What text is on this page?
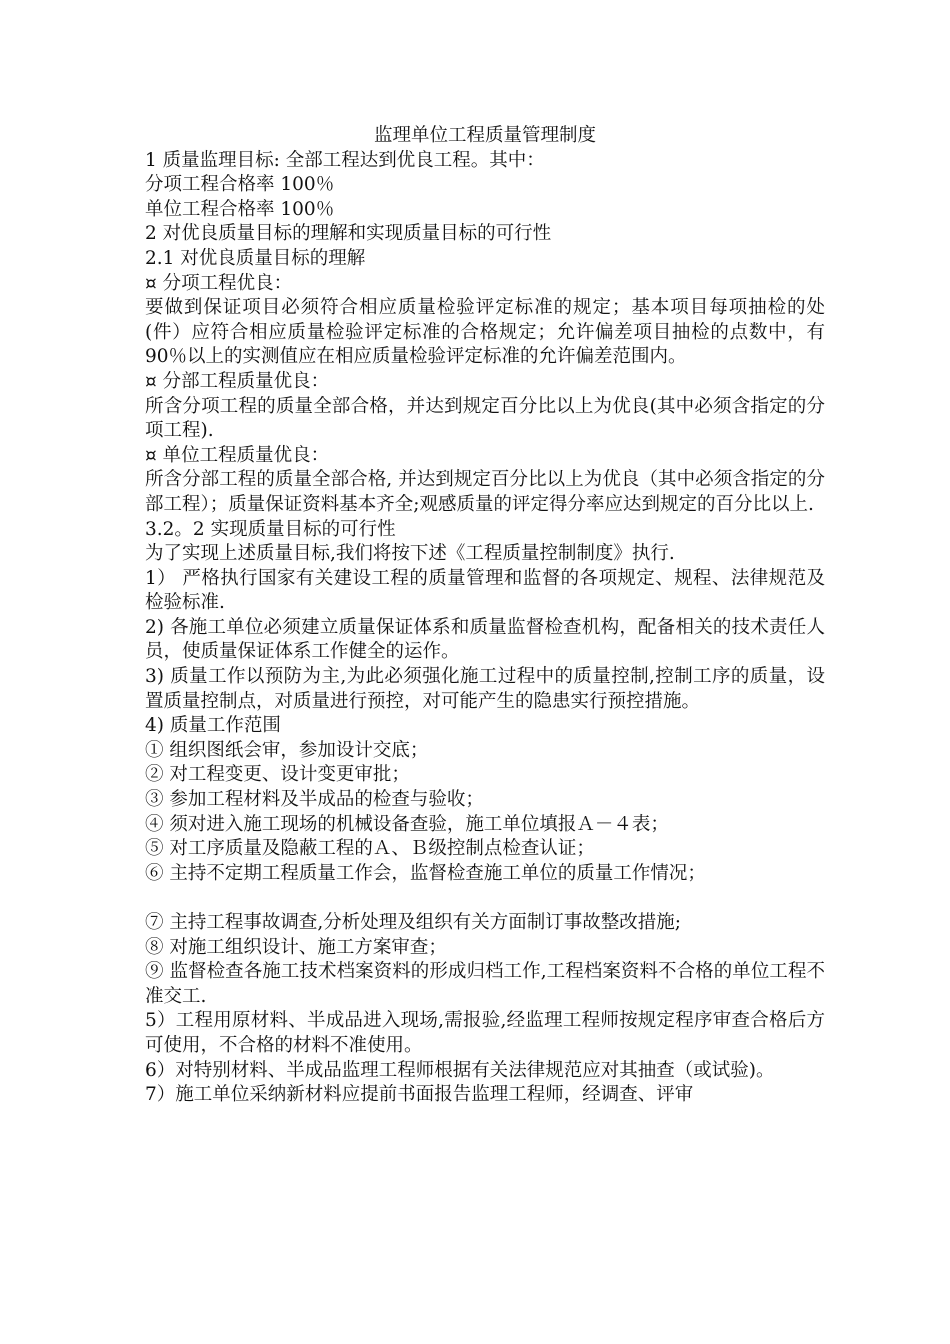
监理单位工程质量管理制度

1 质量监理目标: 全部工程达到优良工程。其中：

分项工程合格率 100％

单位工程合格率 100％

2 对优良质量目标的理解和实现质量目标的可行性

2.1 对优良质量目标的理解

¤ 分项工程优良：

要做到保证项目必须符合相应质量检验评定标准的规定；基本项目每项抽检的处(件）应符合相应质量检验评定标准的合格规定；允许偏差项目抽检的点数中，有 90％以上的实测值应在相应质量检验评定标准的允许偏差范围内。

¤ 分部工程质量优良：

所含分项工程的质量全部合格，并达到规定百分比以上为优良(其中必须含指定的分项工程).

¤ 单位工程质量优良：

所含分部工程的质量全部合格, 并达到规定百分比以上为优良（其中必须含指定的分部工程）；质量保证资料基本齐全;观感质量的评定得分率应达到规定的百分比以上.

3.2。2 实现质量目标的可行性

为了实现上述质量目标,我们将按下述《工程质量控制制度》执行.

1） 严格执行国家有关建设工程的质量管理和监督的各项规定、规程、法律规范及检验标准.

2) 各施工单位必须建立质量保证体系和质量监督检查机构，配备相关的技术责任人员，使质量保证体系工作健全的运作。

3) 质量工作以预防为主,为此必须强化施工过程中的质量控制,控制工序的质量，设置质量控制点，对质量进行预控，对可能产生的隐患实行预控措施。

4) 质量工作范围

① 组织图纸会审，参加设计交底；

② 对工程变更、设计变更审批；

③ 参加工程材料及半成品的检查与验收；

④ 须对进入施工现场的机械设备查验，施工单位填报Ａ－４表；

⑤ 对工序质量及隐蔽工程的Ａ、Ｂ级控制点检查认证；

⑥ 主持不定期工程质量工作会，监督检查施工单位的质量工作情况；

⑦ 主持工程事故调查,分析处理及组织有关方面制订事故整改措施;

⑧ 对施工组织设计、施工方案审查；

⑨ 监督检查各施工技术档案资料的形成归档工作,工程档案资料不合格的单位工程不准交工.

5）工程用原材料、半成品进入现场,需报验,经监理工程师按规定程序审查合格后方可使用，不合格的材料不准使用。

6）对特别材料、半成品监理工程师根据有关法律规范应对其抽查（或试验)。

7）施工单位采纳新材料应提前书面报告监理工程师，经调查、评审
